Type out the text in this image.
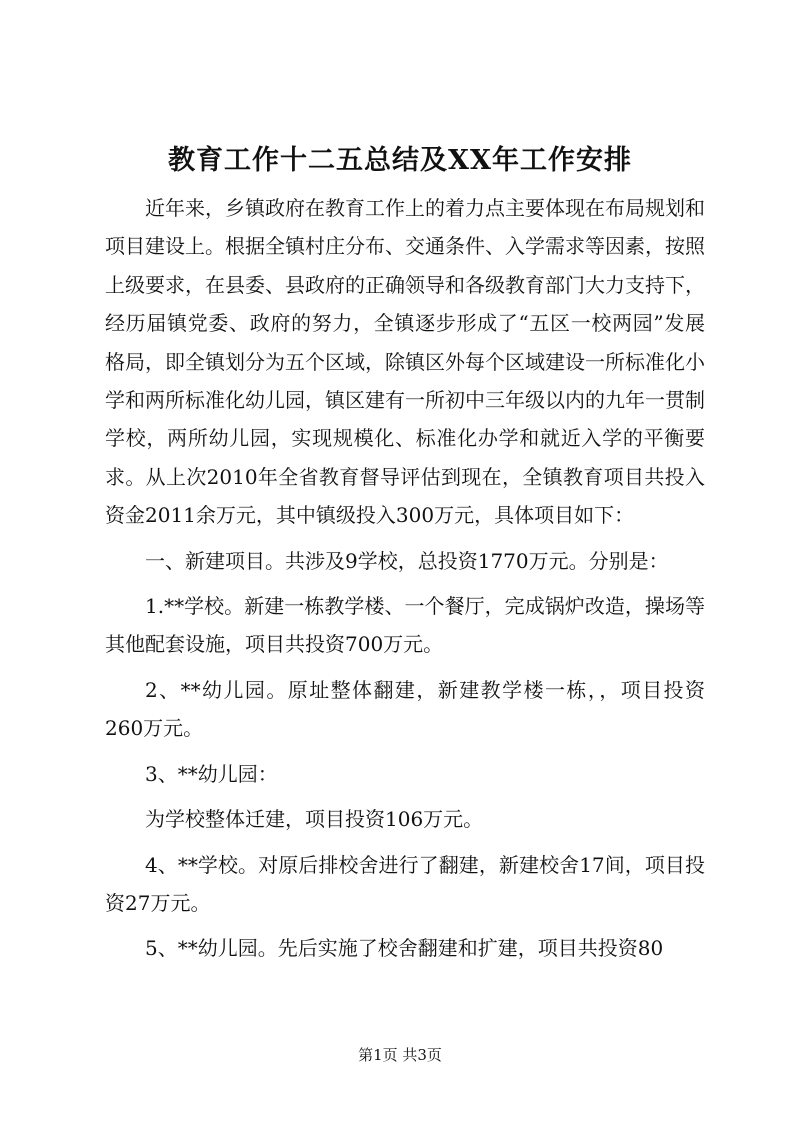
教育工作十二五总结及XX年工作安排

近年来，乡镇政府在教育工作上的着力点主要体现在布局规划和项目建设上。根据全镇村庄分布、交通条件、入学需求等因素，按照上级要求，在县委、县政府的正确领导和各级教育部门大力支持下，经历届镇党委、政府的努力，全镇逐步形成了“五区一校两园”发展格局，即全镇划分为五个区域，除镇区外每个区域建设一所标准化小学和两所标准化幼儿园，镇区建有一所初中三年级以内的九年一贯制学校，两所幼儿园，实现规模化、标准化办学和就近入学的平衡要求。从上次2010年全省教育督导评估到现在，全镇教育项目共投入资金2011余万元，其中镇级投入300万元，具体项目如下：

一、新建项目。共涉及9学校，总投资1770万元。分别是：

1.**学校。新建一栋教学楼、一个餐厅，完成锅炉改造，操场等其他配套设施，项目共投资700万元。

2、**幼儿园。原址整体翻建，新建教学楼一栋，，项目投资260万元。

3、**幼儿园：

为学校整体迁建，项目投资106万元。

4、**学校。对原后排校舍进行了翻建，新建校舍17间，项目投资27万元。

5、**幼儿园。先后实施了校舍翻建和扩建，项目共投资80

第1页 共3页
